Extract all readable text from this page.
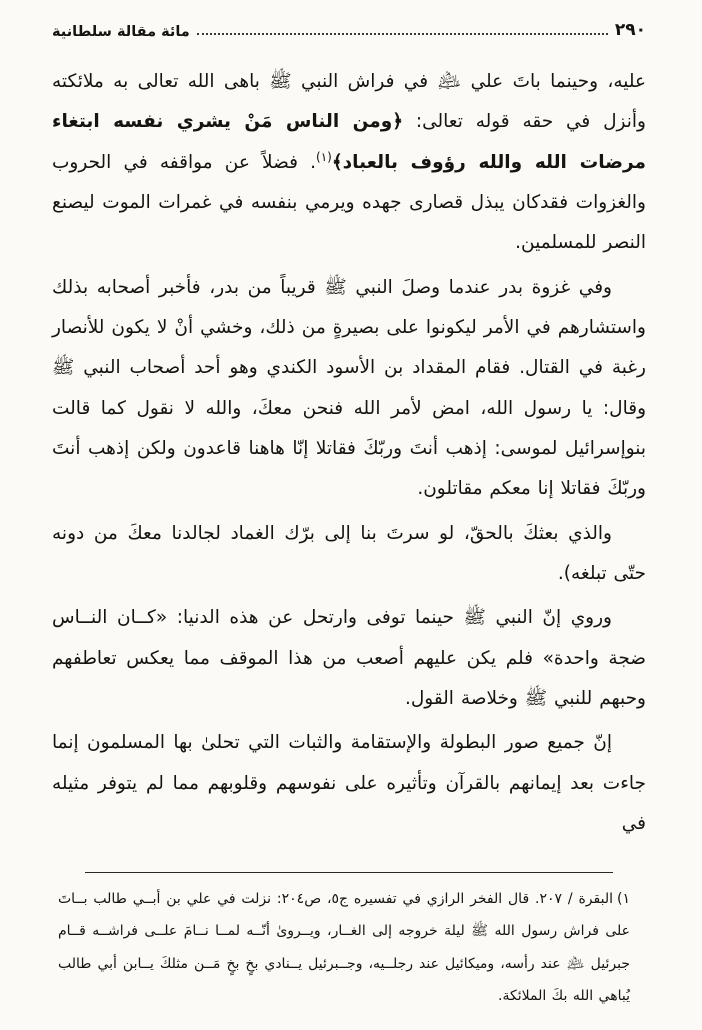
٢٩٠
مائة مقالة سلطانية

عليه، وحينما باتَ علي ﵇ في فراش النبي ﷺ باهى الله تعالى به ملائكته وأنزل في حقه قوله تعالى: ﴿ومن الناس مَنْ يشري نفسه ابتغاء مرضات الله والله رؤوف بالعباد﴾$^{(١)}$. فضلاً عن مواقفه في الحروب والغزوات فقدكان يبذل قصارى جهده ويرمي بنفسه في غمرات الموت ليصنع النصر للمسلمين.

وفي غزوة بدر عندما وصلَ النبي ﷺ قريباً من بدر، فأخبر أصحابه بذلك واستشارهم في الأمر ليكونوا على بصيرةٍ من ذلك، وخشي أنْ لا يكون للأنصار رغبة في القتال. فقام المقداد بن الأسود الكندي وهو أحد أصحاب النبي ﷺ وقال: يا رسول الله، امض لأمر الله فنحن معكَ، والله لا نقول كما قالت بنوإسرائيل لموسى: إذهب أنتَ وربّكَ فقاتلا إنّا هاهنا قاعدون ولكن إذهب أنتَ وربّكَ فقاتلا إنا معكم مقاتلون.

والذي بعثكَ بالحقّ، لو سرتَ بنا إلى برّك الغماد لجالدنا معكَ من دونه حتّى تبلغه).

وروي إنّ النبي ﷺ حينما توفى وارتحل عن هذه الدنيا: «كــان النــاس ضجة واحدة» فلم يكن عليهم أصعب من هذا الموقف مما يعكس تعاطفهم وحبهم للنبي ﷺ وخلاصة القول.

إنّ جميع صور البطولة والإستقامة والثبات التي تحلىٰ بها المسلمون إنما جاءت بعد إيمانهم بالقرآن وتأثيره على نفوسهم وقلوبهم مما لم يتوفر مثيله في

١)البقرة / ٢٠٧. قال الفخر الرازي في تفسيره ج٥، ص٢٠٤: نزلت في علي بن أبــي طالب بــاتَ على فراش رسول الله ﷺ ليلة خروجه إلى الغــار، ويــروىٰ أنّــه لمــا نــامَ علــى فراشــه قــام جبرئيل ﵇ عند رأسه، وميكائيل عند رجلــيه، وجــبرئيل يــنادي بخٍ بخٍ مَــن مثلكَ يــابن أبي طالب يُباهي الله بكَ الملائكة.
